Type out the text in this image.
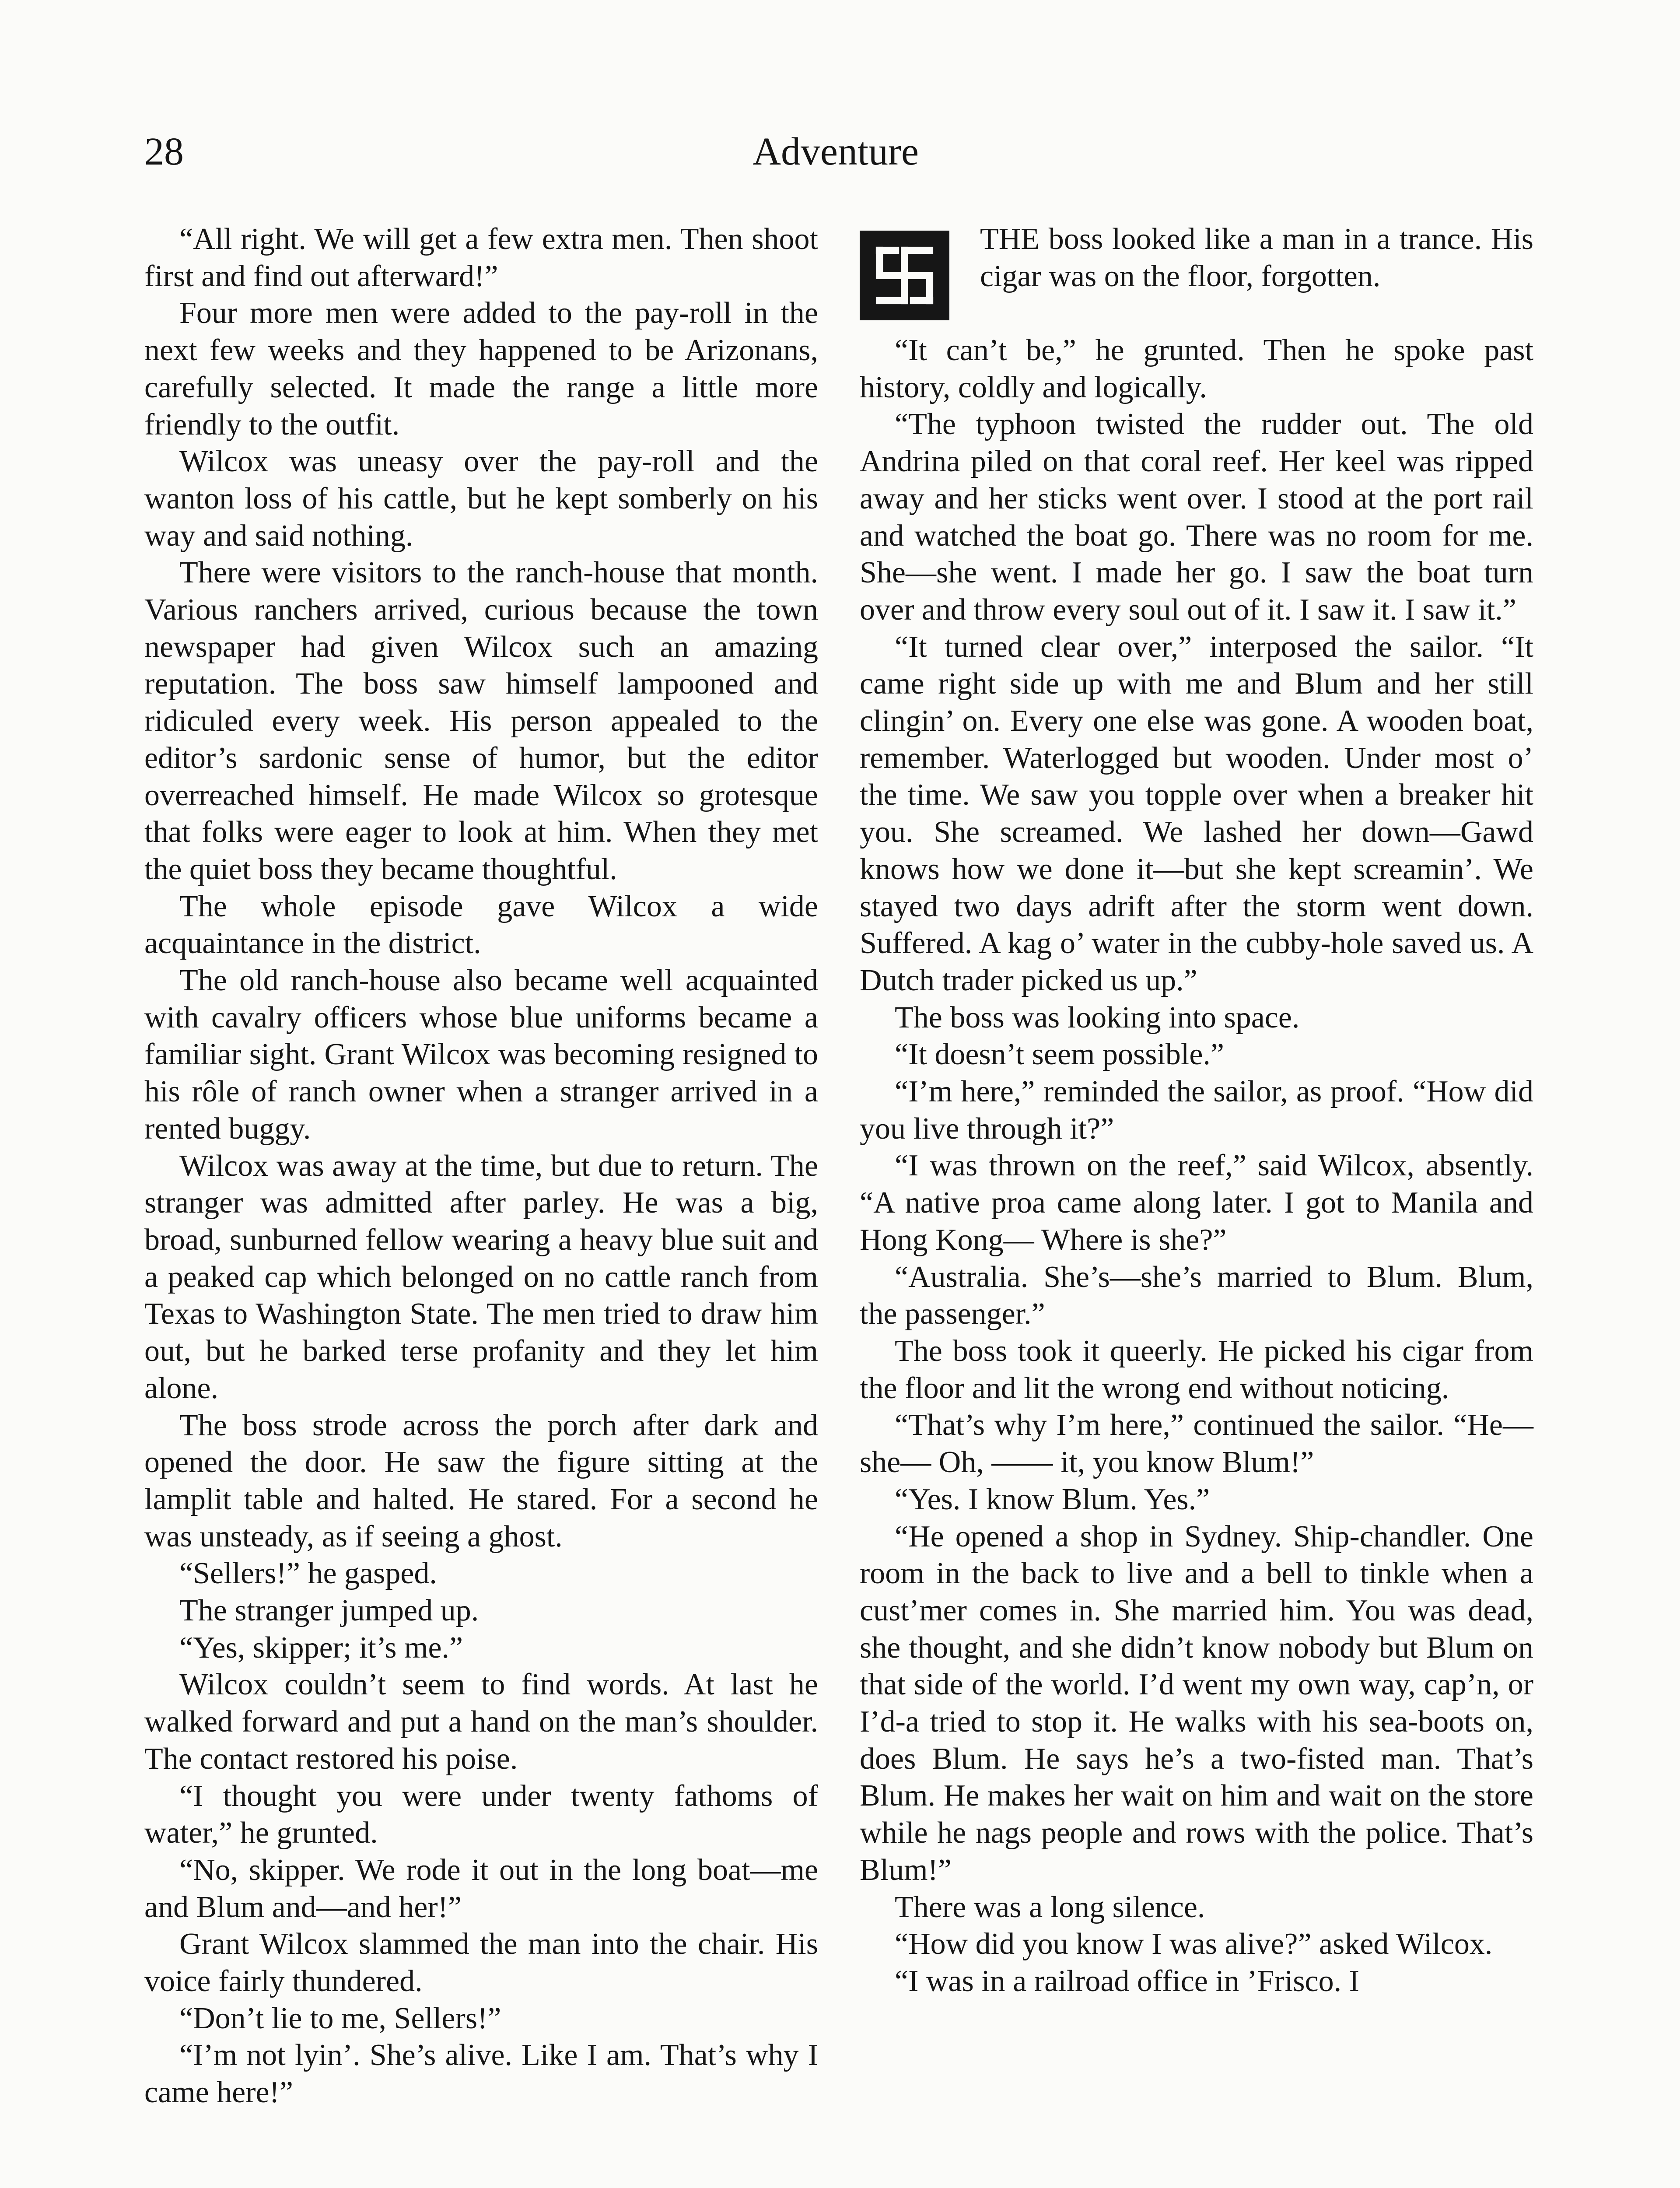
28	Adventure

“All right. We will get a few extra men. Then shoot first and find out afterward!”

Four more men were added to the pay-roll in the next few weeks and they happened to be Arizonans, carefully selected. It made the range a little more friendly to the outfit.

Wilcox was uneasy over the pay-roll and the wanton loss of his cattle, but he kept somberly on his way and said nothing.

There were visitors to the ranch-house that month. Various ranchers arrived, curious because the town newspaper had given Wilcox such an amazing reputation. The boss saw himself lampooned and ridiculed every week. His person appealed to the editor’s sardonic sense of humor, but the editor overreached himself. He made Wilcox so grotesque that folks were eager to look at him. When they met the quiet boss they became thoughtful.

The whole episode gave Wilcox a wide acquaintance in the district.

The old ranch-house also became well acquainted with cavalry officers whose blue uniforms became a familiar sight. Grant Wilcox was becoming resigned to his rôle of ranch owner when a stranger arrived in a rented buggy.

Wilcox was away at the time, but due to return. The stranger was admitted after parley. He was a big, broad, sunburned fellow wearing a heavy blue suit and a peaked cap which belonged on no cattle ranch from Texas to Washington State. The men tried to draw him out, but he barked terse profanity and they let him alone.

The boss strode across the porch after dark and opened the door. He saw the figure sitting at the lamplit table and halted. He stared. For a second he was unsteady, as if seeing a ghost.

“Sellers!” he gasped.

The stranger jumped up.

“Yes, skipper; it’s me.”

Wilcox couldn’t seem to find words. At last he walked forward and put a hand on the man’s shoulder. The contact restored his poise.

“I thought you were under twenty fathoms of water,” he grunted.

“No, skipper. We rode it out in the long boat—me and Blum and—and her!”

Grant Wilcox slammed the man into the chair. His voice fairly thundered.

“Don’t lie to me, Sellers!”

“I’m not lyin’. She’s alive. Like I am. That’s why I came here!”

THE boss looked like a man in a trance. His cigar was on the floor, forgotten.

“It can’t be,” he grunted. Then he spoke past history, coldly and logically.

“The typhoon twisted the rudder out. The old Andrina piled on that coral reef. Her keel was ripped away and her sticks went over. I stood at the port rail and watched the boat go. There was no room for me. She—she went. I made her go. I saw the boat turn over and throw every soul out of it. I saw it. I saw it.”

“It turned clear over,” interposed the sailor. “It came right side up with me and Blum and her still clingin’ on. Every one else was gone. A wooden boat, remember. Waterlogged but wooden. Under most o’ the time. We saw you topple over when a breaker hit you. She screamed. We lashed her down—Gawd knows how we done it—but she kept screamin’. We stayed two days adrift after the storm went down. Suffered. A kag o’ water in the cubby-hole saved us. A Dutch trader picked us up.”

The boss was looking into space.

“It doesn’t seem possible.”

“I’m here,” reminded the sailor, as proof. “How did you live through it?”

“I was thrown on the reef,” said Wilcox, absently. “A native proa came along later. I got to Manila and Hong Kong— Where is she?”

“Australia. She’s—she’s married to Blum. Blum, the passenger.”

The boss took it queerly. He picked his cigar from the floor and lit the wrong end without noticing.

“That’s why I’m here,” continued the sailor. “He—she— Oh, —— it, you know Blum!”

“Yes. I know Blum. Yes.”

“He opened a shop in Sydney. Ship-chandler. One room in the back to live and a bell to tinkle when a cust’mer comes in. She married him. You was dead, she thought, and she didn’t know nobody but Blum on that side of the world. I’d went my own way, cap’n, or I’d-a tried to stop it. He walks with his sea-boots on, does Blum. He says he’s a two-fisted man. That’s Blum. He makes her wait on him and wait on the store while he nags people and rows with the police. That’s Blum!”

There was a long silence.

“How did you know I was alive?” asked Wilcox.

“I was in a railroad office in ’Frisco. I
